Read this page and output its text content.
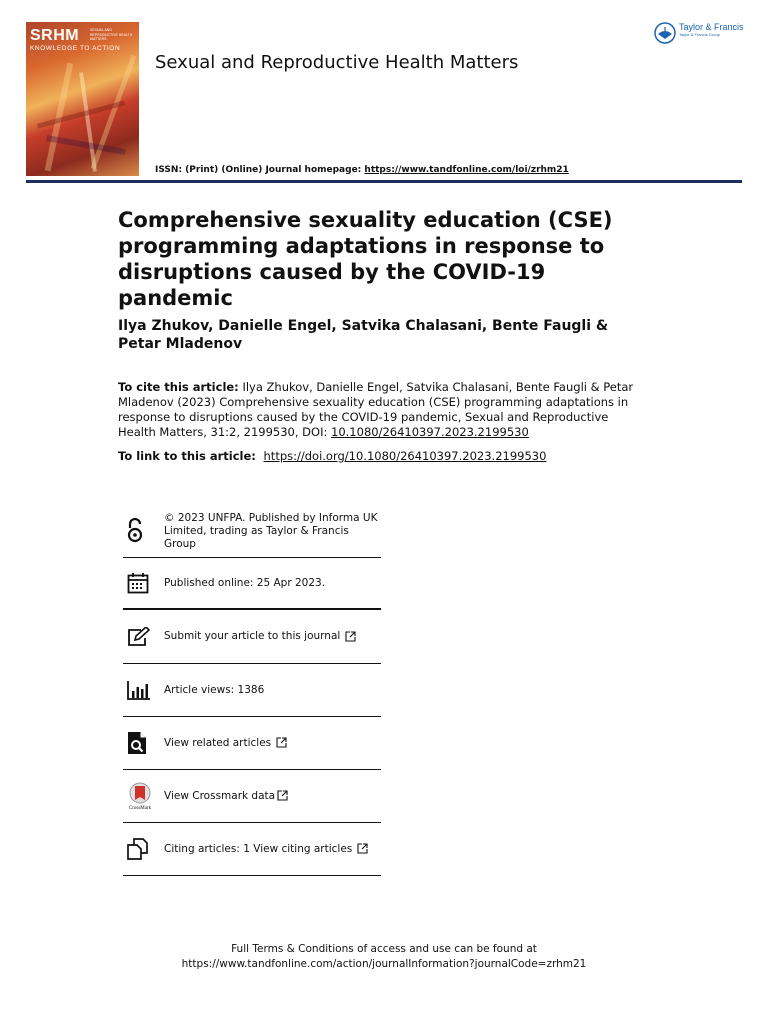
SRHM
KNOWLEDGE TO ACTION
SEXUAL AND REPRODUCTIVE HEALTH MATTERS
Sexual and Reproductive Health Matters
Taylor & Francis
Taylor & Francis Group
ISSN: (Print) (Online) Journal homepage: https://www.tandfonline.com/loi/zrhm21
Comprehensive sexuality education (CSE) programming adaptations in response to disruptions caused by the COVID-19 pandemic

Ilya Zhukov, Danielle Engel, Satvika Chalasani, Bente Faugli & Petar Mladenov

To cite this article: Ilya Zhukov, Danielle Engel, Satvika Chalasani, Bente Faugli & Petar Mladenov (2023) Comprehensive sexuality education (CSE) programming adaptations in response to disruptions caused by the COVID-19 pandemic, Sexual and Reproductive Health Matters, 31:2, 2199530, DOI: 10.1080/26410397.2023.2199530

To link to this article: https://doi.org/10.1080/26410397.2023.2199530

© 2023 UNFPA. Published by Informa UK Limited, trading as Taylor & Francis Group
Published online: 25 Apr 2023.
Submit your article to this journal
Article views: 1386
View related articles
CrossMark
View Crossmark data
Citing articles: 1 View citing articles
Full Terms & Conditions of access and use can be found at
https://www.tandfonline.com/action/journalInformation?journalCode=zrhm21
